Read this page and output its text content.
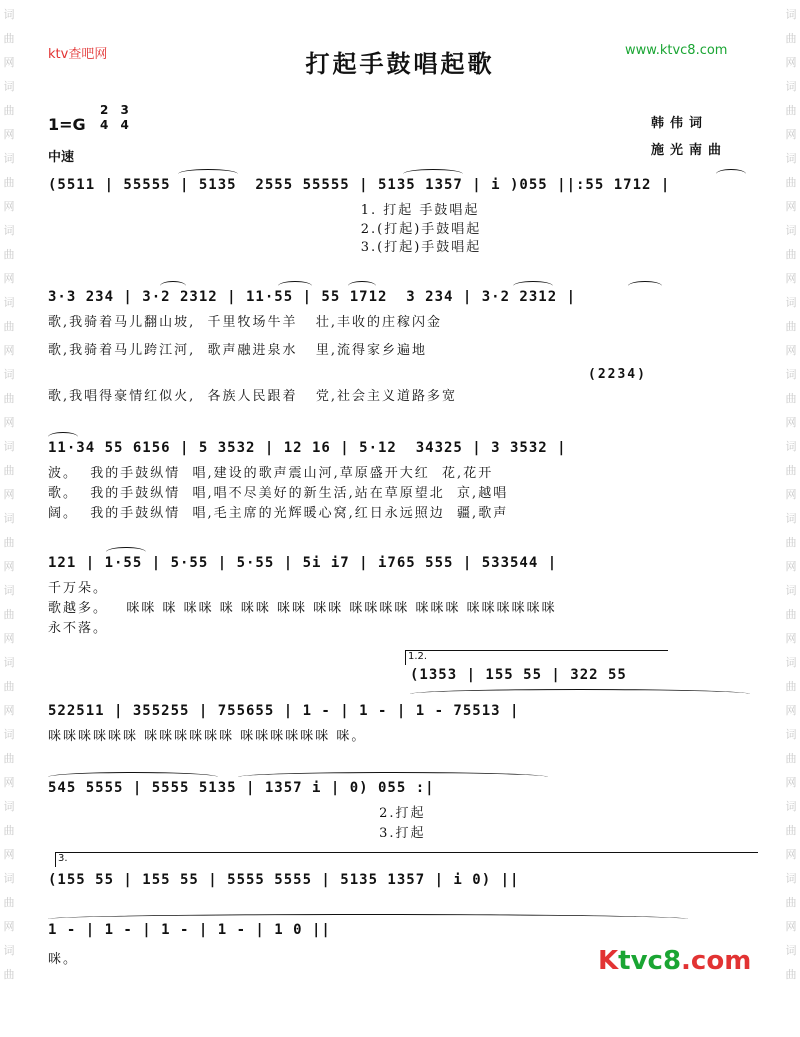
词
曲
网
词
曲
网
词
曲
网
词
曲
网
词
曲
网
词
曲
网
词
曲
网
词
曲
网
词
曲
网
词
曲
网
词
曲
网
词
曲
网
词
曲
网
词
曲
词
曲
网
词
曲
网
词
曲
网
词
曲
网
词
曲
网
词
曲
网
词
曲
网
词
曲
网
词
曲
网
词
曲
网
词
曲
网
词
曲
网
词
曲
网
词
曲
ktv查吧网	www.ktvc8.com
打起手鼓唱起歌
1=G
2 3
4 4
中速
韩伟词
施光南曲
(5511 | 55555 | 5135  2555 55555 | 5135 1357 | i )055 ||:55 1712 |
1. 打起 手鼓唱起
2.(打起)手鼓唱起
3.(打起)手鼓唱起
3·3 234 | 3·2 2312 | 11·55 | 55 1712  3 234 | 3·2 2312 |
歌,我骑着马儿翻山坡,  千里牧场牛羊   壮,丰收的庄稼闪金
歌,我骑着马儿跨江河,  歌声融进泉水   里,流得家乡遍地
(2234)
歌,我唱得豪情红似火,  各族人民跟着   党,社会主义道路多宽
11·34 55 6156 | 5 3532 | 12 16 | 5·12  34325 | 3 3532 |
波。  我的手鼓纵情  唱,建设的歌声震山河,草原盛开大红  花,花开
歌。  我的手鼓纵情  唱,唱不尽美好的新生活,站在草原望北  京,越唱
阔。  我的手鼓纵情  唱,毛主席的光辉暖心窝,红日永远照边  疆,歌声
121 | 1·55 | 5·55 | 5·55 | 5i i7 | i765 555 | 533544 |
千万朵。
歌越多。   咪咪 咪 咪咪 咪 咪咪 咪咪 咪咪 咪咪咪咪 咪咪咪 咪咪咪咪咪咪
永不落。
1.2.
(1353 | 155 55 | 322 55
522511 | 355255 | 755655 | 1 - | 1 - | 1 - 75513 |
咪咪咪咪咪咪 咪咪咪咪咪咪 咪咪咪咪咪咪 咪。
545 5555 | 5555 5135 | 1357 i | 0) 055 :|
2.打起
3.打起
3.
(155 55 | 155 55 | 5555 5555 | 5135 1357 | i 0) ||
1 - | 1 - | 1 - | 1 - | 1 0 ||
咪。	Ktvc8.com
